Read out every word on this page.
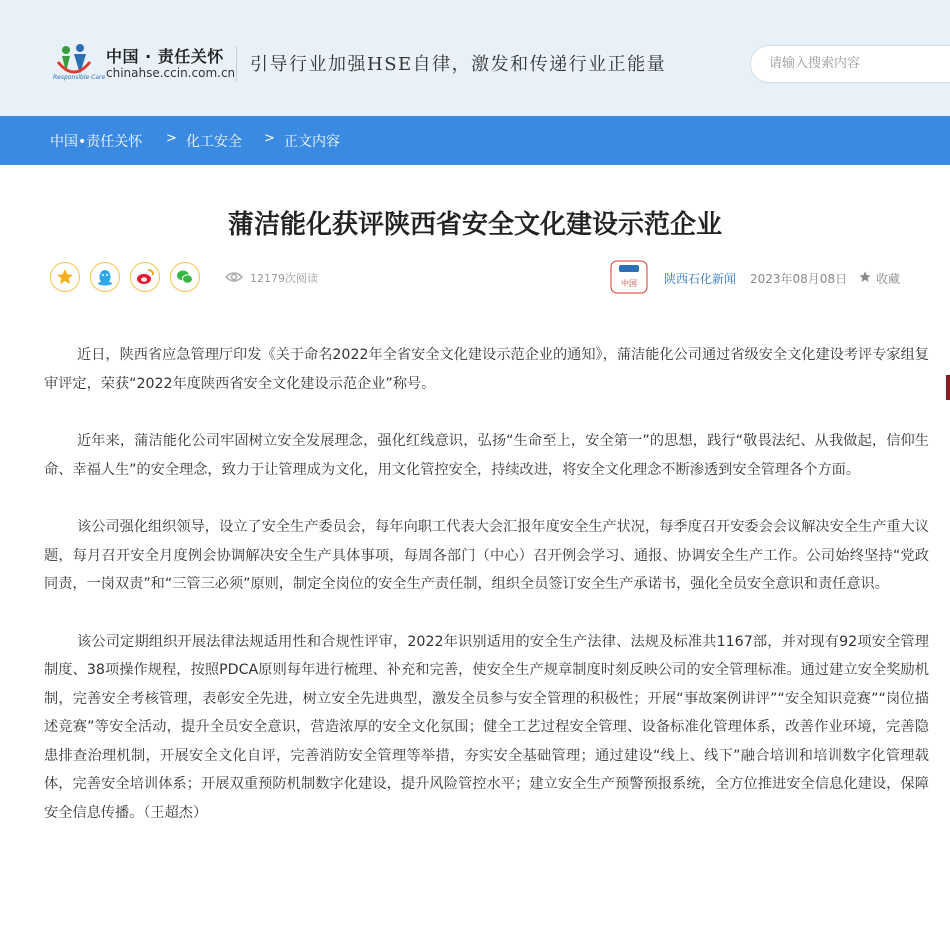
中国 · 责任关怀
Responsible Care chinahse.ccin.com.cn 引导行业加强HSE自律，激发和传递行业正能量
请输入搜索内容
中国•责任关怀 > 化工安全 > 正文内容
蒲洁能化获评陕西省安全文化建设示范企业
12179次阅读	中国 陕西石化新闻 2023年08月08日 收藏

近日，陕西省应急管理厅印发《关于命名2022年全省安全文化建设示范企业的通知》，蒲洁能化公司通过省级安全文化建设考评专家组复审评定，荣获“2022年度陕西省安全文化建设示范企业”称号。

近年来，蒲洁能化公司牢固树立安全发展理念，强化红线意识，弘扬“生命至上，安全第一”的思想，践行“敬畏法纪、从我做起，信仰生命、幸福人生”的安全理念，致力于让管理成为文化，用文化管控安全，持续改进，将安全文化理念不断渗透到安全管理各个方面。

该公司强化组织领导，设立了安全生产委员会，每年向职工代表大会汇报年度安全生产状况，每季度召开安委会会议解决安全生产重大议题，每月召开安全月度例会协调解决安全生产具体事项，每周各部门（中心）召开例会学习、通报、协调安全生产工作。公司始终坚持“党政同责，一岗双责”和“三管三必须”原则，制定全岗位的安全生产责任制，组织全员签订安全生产承诺书，强化全员安全意识和责任意识。

该公司定期组织开展法律法规适用性和合规性评审，2022年识别适用的安全生产法律、法规及标准共1167部，并对现有92项安全管理制度、38项操作规程，按照PDCA原则每年进行梳理、补充和完善，使安全生产规章制度时刻反映公司的安全管理标准。通过建立安全奖励机制，完善安全考核管理，表彰安全先进，树立安全先进典型，激发全员参与安全管理的积极性；开展“事故案例讲评”“安全知识竞赛”“岗位描述竞赛”等安全活动，提升全员安全意识，营造浓厚的安全文化氛围；健全工艺过程安全管理、设备标准化管理体系，改善作业环境，完善隐患排查治理机制，开展安全文化自评，完善消防安全管理等举措，夯实安全基础管理；通过建设“线上、线下”融合培训和培训数字化管理载体，完善安全培训体系；开展双重预防机制数字化建设，提升风险管控水平；建立安全生产预警预报系统，全方位推进安全信息化建设，保障安全信息传播。（王超杰）
